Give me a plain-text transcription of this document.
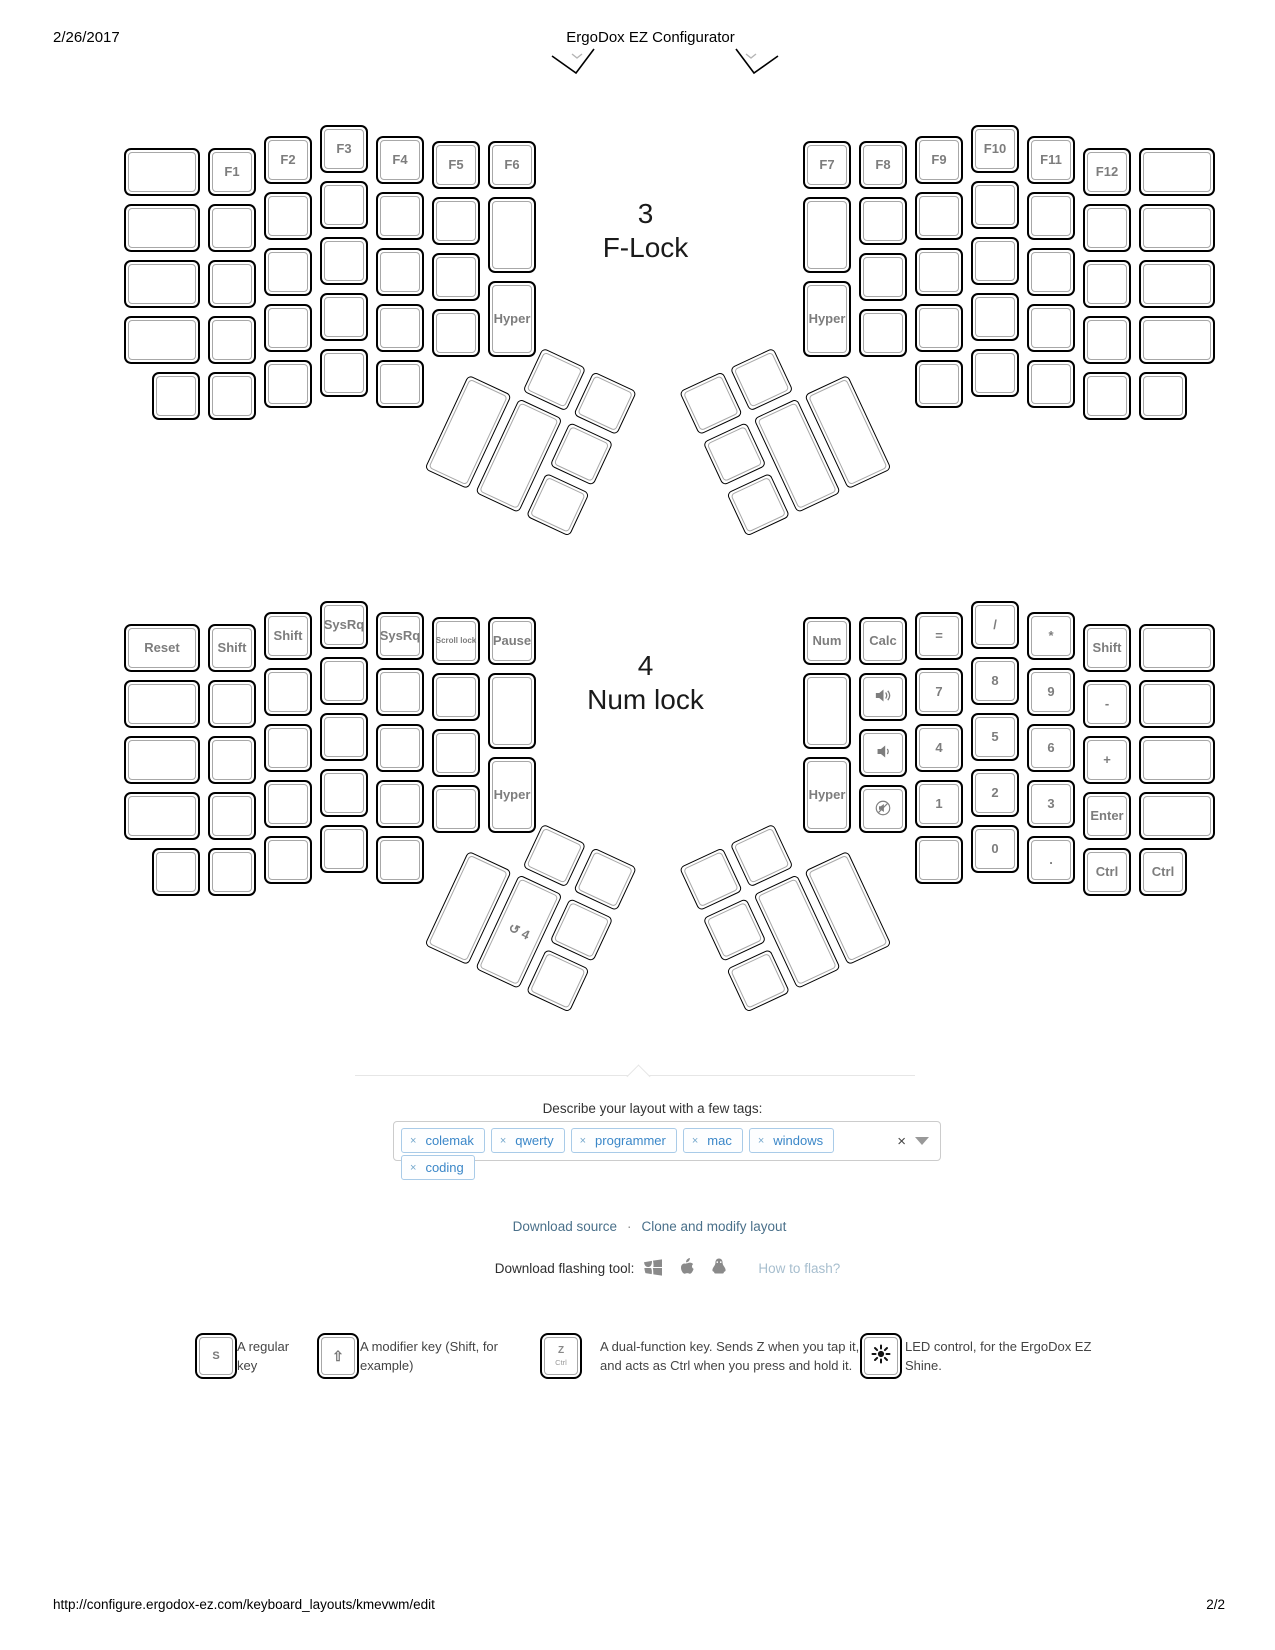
2/26/2017	ErgoDox EZ Configurator
3
F-Lock
4
Num lock
F1
F2
F3
F4	F5	F6
Hyper
F7
Hyper
F8	F9
F10
F11
F12
Reset	Shift
Shift
SysRq
SysRq Scroll lock Pause
Hyper
Num
Hyper
Calc	=
7
4
1
/
8
5
2
0
*
9
6
3
.
Shift
-
+
Enter
Ctrl	Ctrl
↺ 4
Describe your layout with a few tags:
× colemak × qwerty × programmer × mac × windows
× coding
×
Download source · Clone and modify layout
Download flashing tool:	How to flash?
S
A regular key
⇧
A modifier key (Shift, for example)
Z
Ctrl
A dual-function key. Sends Z when you tap it, and acts as Ctrl when you press and hold it.
LED control, for the ErgoDox EZ Shine.
http://configure.ergodox-ez.com/keyboard_layouts/kmevwm/edit	2/2
